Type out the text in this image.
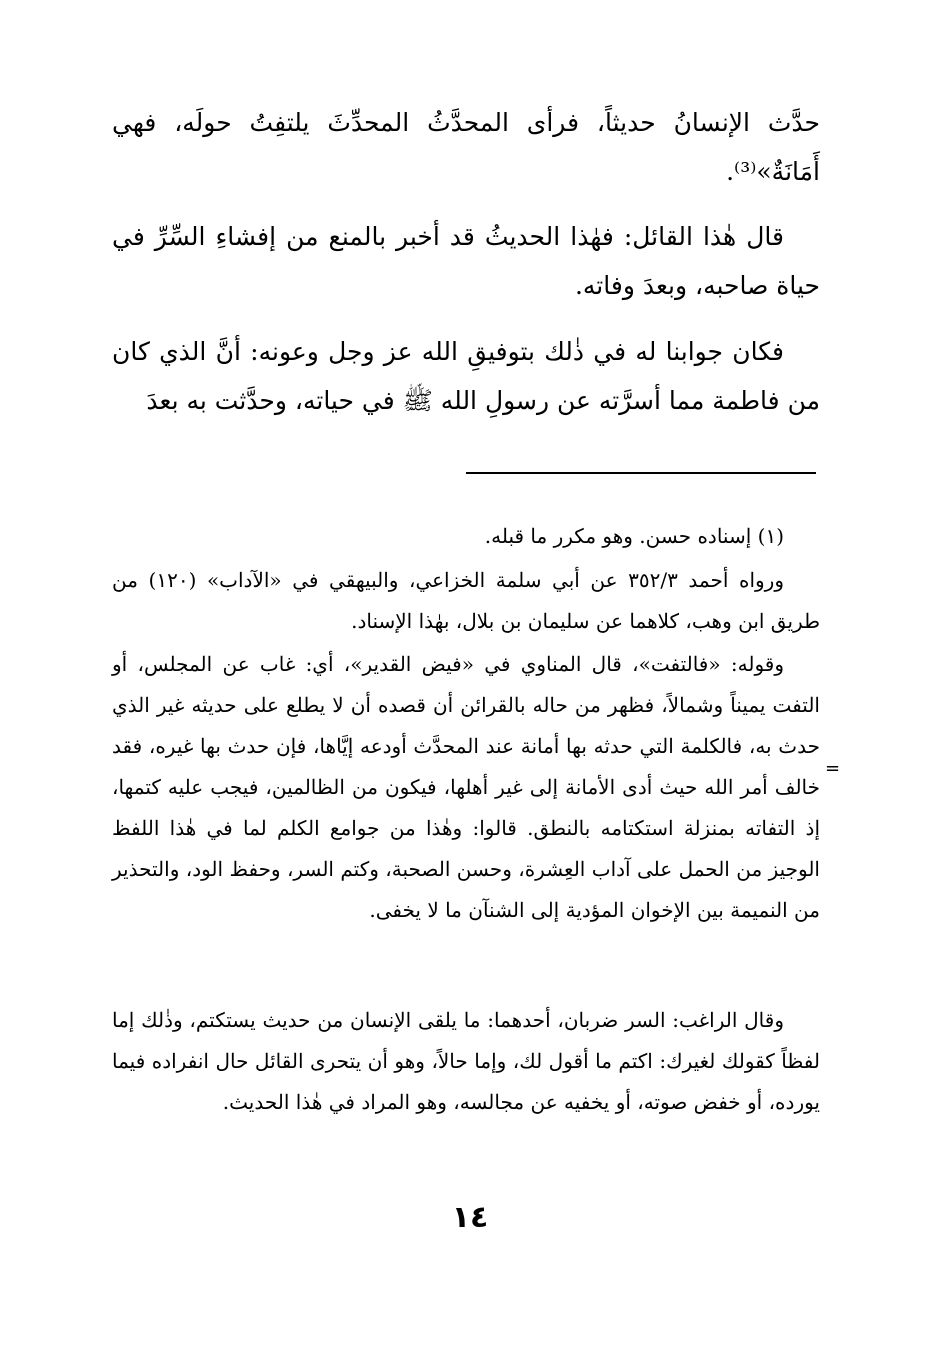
حدَّث الإنسانُ حديثاً، فرأى المحدَّثُ المحدِّثَ يلتفِتُ حولَه، فهي أَمَانَةٌ»⁽³⁾.

قال هٰذا القائل: فهٰذا الحديثُ قد أخبر بالمنع من إفشاءِ السِّرِّ في حياة صاحبه، وبعدَ وفاته.

فكان جوابنا له في ذٰلك بتوفيقِ الله عز وجل وعونه: أنَّ الذي كان من فاطمة مما أسرَّته عن رسولِ الله ﷺ في حياته، وحدَّثت به بعدَ

(١) إسناده حسن. وهو مكرر ما قبله.

ورواه أحمد ٣٥٢/٣ عن أبي سلمة الخزاعي، والبيهقي في «الآداب» (١٢٠) من طريق ابن وهب، كلاهما عن سليمان بن بلال، بهٰذا الإسناد.

وقوله: «فالتفت»، قال المناوي في «فيض القدير»، أي: غاب عن المجلس، أو التفت يميناً وشمالاً، فظهر من حاله بالقرائن أن قصده أن لا يطلع على حديثه غير الذي حدث به، فالكلمة التي حدثه بها أمانة عند المحدَّث أودعه إيَّاها، فإن حدث بها غيره، فقد خالف أمر الله حيث أدى الأمانة إلى غير أهلها، فيكون من الظالمين، فيجب عليه كتمها، إذ التفاته بمنزلة استكتامه بالنطق. قالوا: وهٰذا من جوامع الكلم لما في هٰذا اللفظ الوجيز من الحمل على آداب العِشرة، وحسن الصحبة، وكتم السر، وحفظ الود، والتحذير من النميمة بين الإخوان المؤدية إلى الشنآن ما لا يخفى.

وقال الراغب: السر ضربان، أحدهما: ما يلقى الإنسان من حديث يستكتم، وذٰلك إما لفظاً كقولك لغيرك: اكتم ما أقول لك، وإما حالاً، وهو أن يتحرى القائل حال انفراده فيما يورده، أو خفض صوته، أو يخفيه عن مجالسه، وهو المراد في هٰذا الحديث.

=
١٤
